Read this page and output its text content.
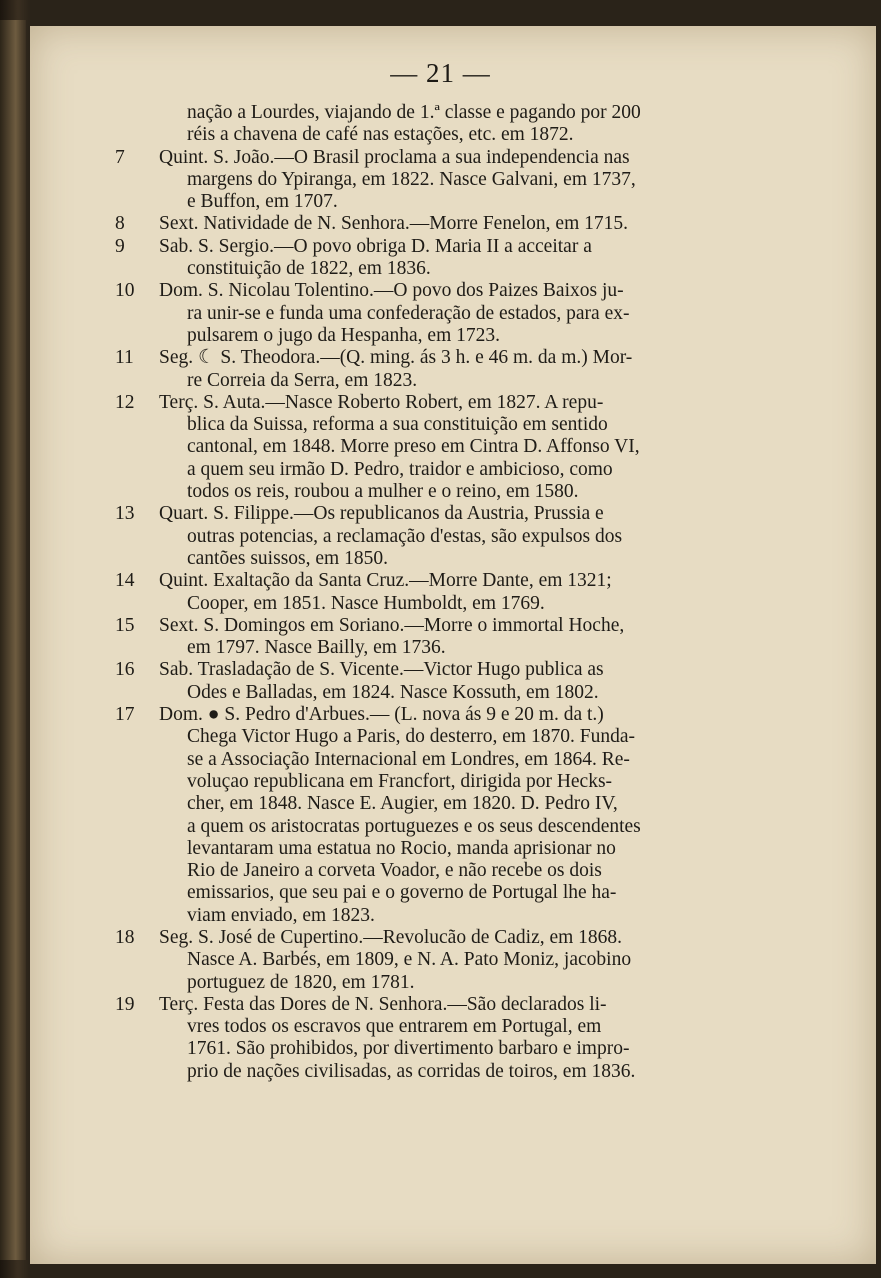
— 21 —
nação a Lourdes, viajando de 1.ª classe e pagando por 200
réis a chavena de café nas estações, etc. em 1872.
7	Quint. S. João.—O Brasil proclama a sua independencia nas
margens do Ypiranga, em 1822. Nasce Galvani, em 1737,
e Buffon, em 1707.
8	Sext. Natividade de N. Senhora.—Morre Fenelon, em 1715.
9	Sab. S. Sergio.—O povo obriga D. Maria II a acceitar a
constituição de 1822, em 1836.
10	Dom. S. Nicolau Tolentino.—O povo dos Paizes Baixos ju-
ra unir-se e funda uma confederação de estados, para ex-
pulsarem o jugo da Hespanha, em 1723.
11	Seg. ☾ S. Theodora.—(Q. ming. ás 3 h. e 46 m. da m.) Mor-
re Correia da Serra, em 1823.
12	Terç. S. Auta.—Nasce Roberto Robert, em 1827. A repu-
blica da Suissa, reforma a sua constituição em sentido
cantonal, em 1848. Morre preso em Cintra D. Affonso VI,
a quem seu irmão D. Pedro, traidor e ambicioso, como
todos os reis, roubou a mulher e o reino, em 1580.
13	Quart. S. Filippe.—Os republicanos da Austria, Prussia e
outras potencias, a reclamação d'estas, são expulsos dos
cantões suissos, em 1850.
14	Quint. Exaltação da Santa Cruz.—Morre Dante, em 1321;
Cooper, em 1851. Nasce Humboldt, em 1769.
15	Sext. S. Domingos em Soriano.—Morre o immortal Hoche,
em 1797. Nasce Bailly, em 1736.
16	Sab. Trasladação de S. Vicente.—Victor Hugo publica as
Odes e Balladas, em 1824. Nasce Kossuth, em 1802.
17	Dom. ● S. Pedro d'Arbues.— (L. nova ás 9 e 20 m. da t.)
Chega Victor Hugo a Paris, do desterro, em 1870. Funda-
se a Associação Internacional em Londres, em 1864. Re-
voluçao republicana em Francfort, dirigida por Hecks-
cher, em 1848. Nasce E. Augier, em 1820. D. Pedro IV,
a quem os aristocratas portuguezes e os seus descendentes
levantaram uma estatua no Rocio, manda aprisionar no
Rio de Janeiro a corveta Voador, e não recebe os dois
emissarios, que seu pai e o governo de Portugal lhe ha-
viam enviado, em 1823.
18	Seg. S. José de Cupertino.—Revolucão de Cadiz, em 1868.
Nasce A. Barbés, em 1809, e N. A. Pato Moniz, jacobino
portuguez de 1820, em 1781.
19	Terç. Festa das Dores de N. Senhora.—São declarados li-
vres todos os escravos que entrarem em Portugal, em
1761. São prohibidos, por divertimento barbaro e impro-
prio de nações civilisadas, as corridas de toiros, em 1836.
